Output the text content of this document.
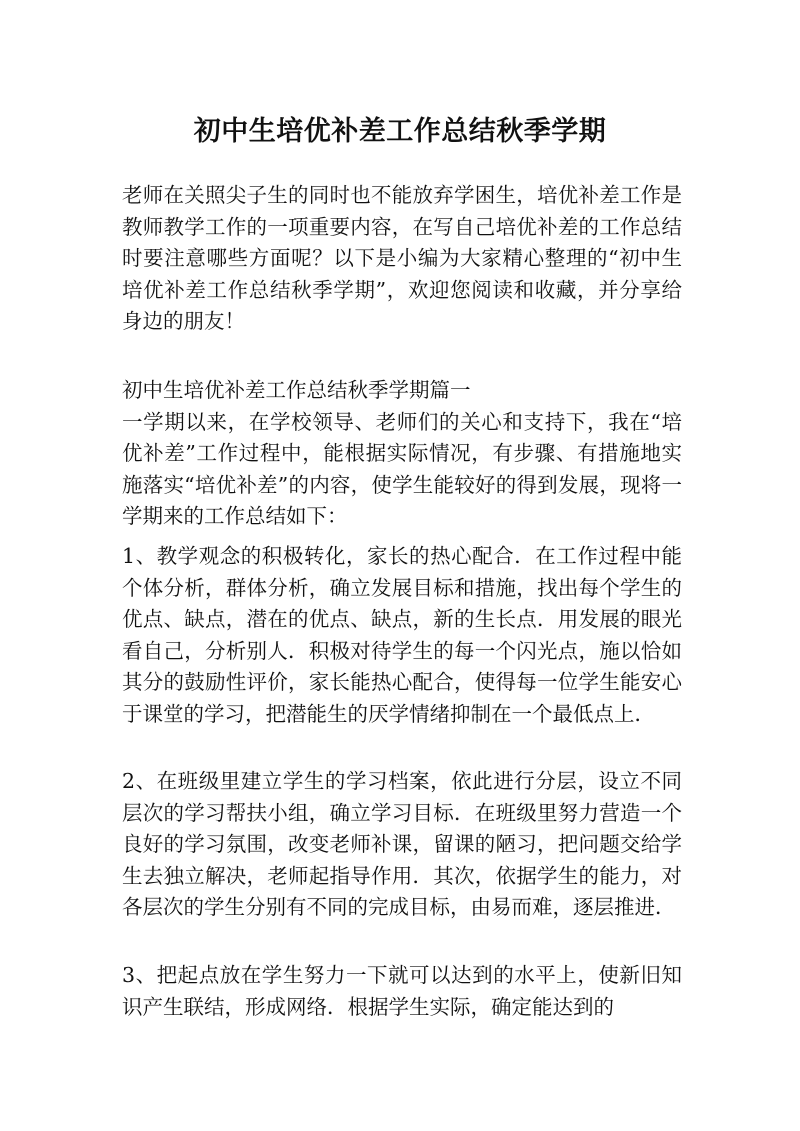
初中生培优补差工作总结秋季学期

老师在关照尖子生的同时也不能放弃学困生，培优补差工作是教师教学工作的一项重要内容，在写自己培优补差的工作总结时要注意哪些方面呢？以下是小编为大家精心整理的“初中生培优补差工作总结秋季学期”，欢迎您阅读和收藏，并分享给身边的朋友！

初中生培优补差工作总结秋季学期篇一

一学期以来，在学校领导、老师们的关心和支持下，我在“培优补差”工作过程中，能根据实际情况，有步骤、有措施地实施落实“培优补差”的内容，使学生能较好的得到发展，现将一学期来的工作总结如下：

1、教学观念的积极转化，家长的热心配合．在工作过程中能个体分析，群体分析，确立发展目标和措施，找出每个学生的优点、缺点，潜在的优点、缺点，新的生长点．用发展的眼光看自己，分析别人．积极对待学生的每一个闪光点，施以恰如其分的鼓励性评价，家长能热心配合，使得每一位学生能安心于课堂的学习，把潜能生的厌学情绪抑制在一个最低点上．

2、在班级里建立学生的学习档案，依此进行分层，设立不同层次的学习帮扶小组，确立学习目标．在班级里努力营造一个良好的学习氛围，改变老师补课，留课的陋习，把问题交给学生去独立解决，老师起指导作用．其次，依据学生的能力，对各层次的学生分别有不同的完成目标，由易而难，逐层推进．

3、把起点放在学生努力一下就可以达到的水平上，使新旧知识产生联结，形成网络．根据学生实际，确定能达到的
